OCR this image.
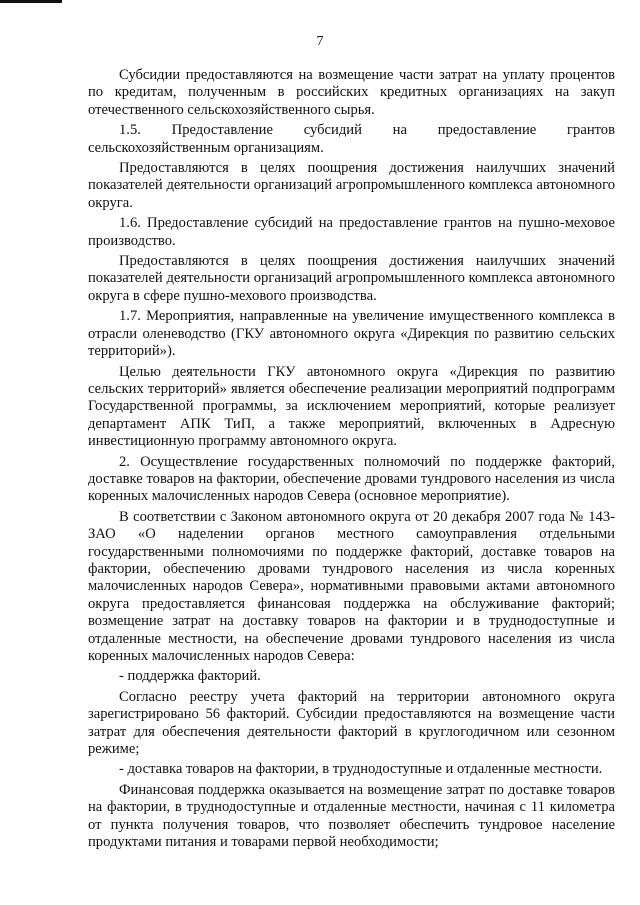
7

Субсидии предоставляются на возмещение части затрат на уплату процентов по кредитам, полученным в российских кредитных организациях на закуп отечественного сельскохозяйственного сырья.

1.5. Предоставление субсидий на предоставление грантов сельскохозяйственным организациям.

Предоставляются в целях поощрения достижения наилучших значений показателей деятельности организаций агропромышленного комплекса автономного округа.

1.6. Предоставление субсидий на предоставление грантов на пушно-меховое производство.

Предоставляются в целях поощрения достижения наилучших значений показателей деятельности организаций агропромышленного комплекса автономного округа в сфере пушно-мехового производства.

1.7. Мероприятия, направленные на увеличение имущественного комплекса в отрасли оленеводство (ГКУ автономного округа «Дирекция по развитию сельских территорий»).

Целью деятельности ГКУ автономного округа «Дирекция по развитию сельских территорий» является обеспечение реализации мероприятий подпрограмм Государственной программы, за исключением мероприятий, которые реализует департамент АПК ТиП, а также мероприятий, включенных в Адресную инвестиционную программу автономного округа.

2. Осуществление государственных полномочий по поддержке факторий, доставке товаров на фактории, обеспечение дровами тундрового населения из числа коренных малочисленных народов Севера (основное мероприятие).

В соответствии с Законом автономного округа от 20 декабря 2007 года № 143-ЗАО «О наделении органов местного самоуправления отдельными государственными полномочиями по поддержке факторий, доставке товаров на фактории, обеспечению дровами тундрового населения из числа коренных малочисленных народов Севера», нормативными правовыми актами автономного округа предоставляется финансовая поддержка на обслуживание факторий; возмещение затрат на доставку товаров на фактории и в труднодоступные и отдаленные местности, на обеспечение дровами тундрового населения из числа коренных малочисленных народов Севера:

- поддержка факторий.

Согласно реестру учета факторий на территории автономного округа зарегистрировано 56 факторий. Субсидии предоставляются на возмещение части затрат для обеспечения деятельности факторий в круглогодичном или сезонном режиме;

- доставка товаров на фактории, в труднодоступные и отдаленные местности.

Финансовая поддержка оказывается на возмещение затрат по доставке товаров на фактории, в труднодоступные и отдаленные местности, начиная с 11 километра от пункта получения товаров, что позволяет обеспечить тундровое население продуктами питания и товарами первой необходимости;
